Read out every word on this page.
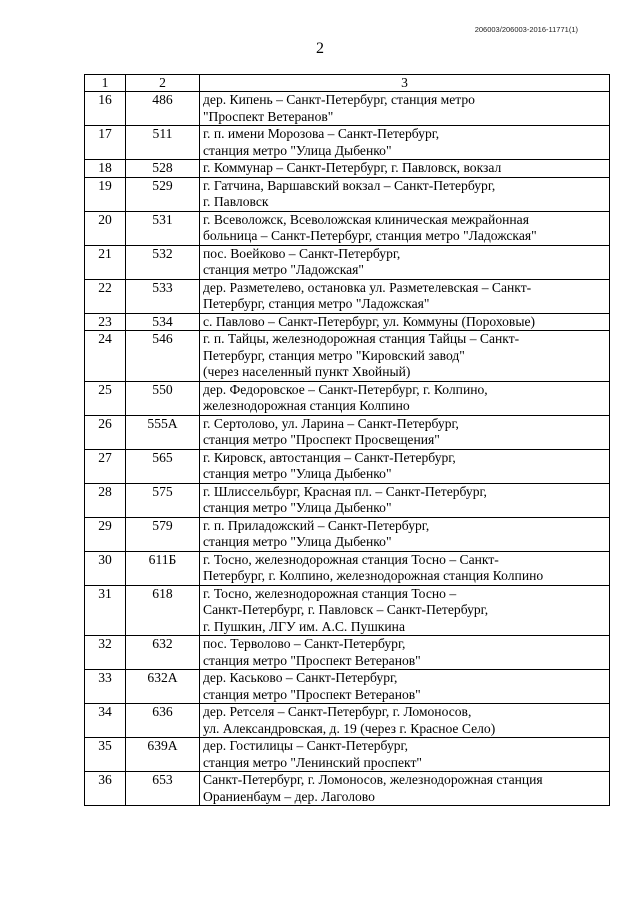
206003/206003-2016-11771(1)
2
1	2	3
16	486	дер. Кипень – Санкт-Петербург, станция метро
"Проспект Ветеранов"
17	511	г. п. имени Морозова – Санкт-Петербург,
станция метро "Улица Дыбенко"
18	528	г. Коммунар – Санкт-Петербург, г. Павловск, вокзал
19	529	г. Гатчина, Варшавский вокзал – Санкт-Петербург,
г. Павловск
20	531	г. Всеволожск, Всеволожская клиническая межрайонная
больница – Санкт-Петербург, станция метро "Ладожская"
21	532	пос. Воейково – Санкт-Петербург,
станция метро "Ладожская"
22	533	дер. Разметелево, остановка ул. Разметелевская – Санкт-
Петербург, станция метро "Ладожская"
23	534	с. Павлово – Санкт-Петербург, ул. Коммуны (Пороховые)
24	546	г. п. Тайцы, железнодорожная станция Тайцы – Санкт-
Петербург, станция метро "Кировский завод"
(через населенный пункт Хвойный)
25	550	дер. Федоровское – Санкт-Петербург, г. Колпино,
железнодорожная станция Колпино
26	555А	г. Сертолово, ул. Ларина – Санкт-Петербург,
станция метро "Проспект Просвещения"
27	565	г. Кировск, автостанция – Санкт-Петербург,
станция метро "Улица Дыбенко"
28	575	г. Шлиссельбург, Красная пл. – Санкт-Петербург,
станция метро "Улица Дыбенко"
29	579	г. п. Приладожский – Санкт-Петербург,
станция метро "Улица Дыбенко"
30	611Б	г. Тосно, железнодорожная станция Тосно – Санкт-
Петербург, г. Колпино, железнодорожная станция Колпино
31	618	г. Тосно, железнодорожная станция Тосно –
Санкт-Петербург, г. Павловск – Санкт-Петербург,
г. Пушкин, ЛГУ им. А.С. Пушкина
32	632	пос. Терволово – Санкт-Петербург,
станция метро "Проспект Ветеранов"
33	632А	дер. Каськово – Санкт-Петербург,
станция метро "Проспект Ветеранов"
34	636	дер. Ретселя – Санкт-Петербург, г. Ломоносов,
ул. Александровская, д. 19 (через г. Красное Село)
35	639А	дер. Гостилицы – Санкт-Петербург,
станция метро "Ленинский проспект"
36	653	Санкт-Петербург, г. Ломоносов, железнодорожная станция
Ораниенбаум – дер. Лаголово
